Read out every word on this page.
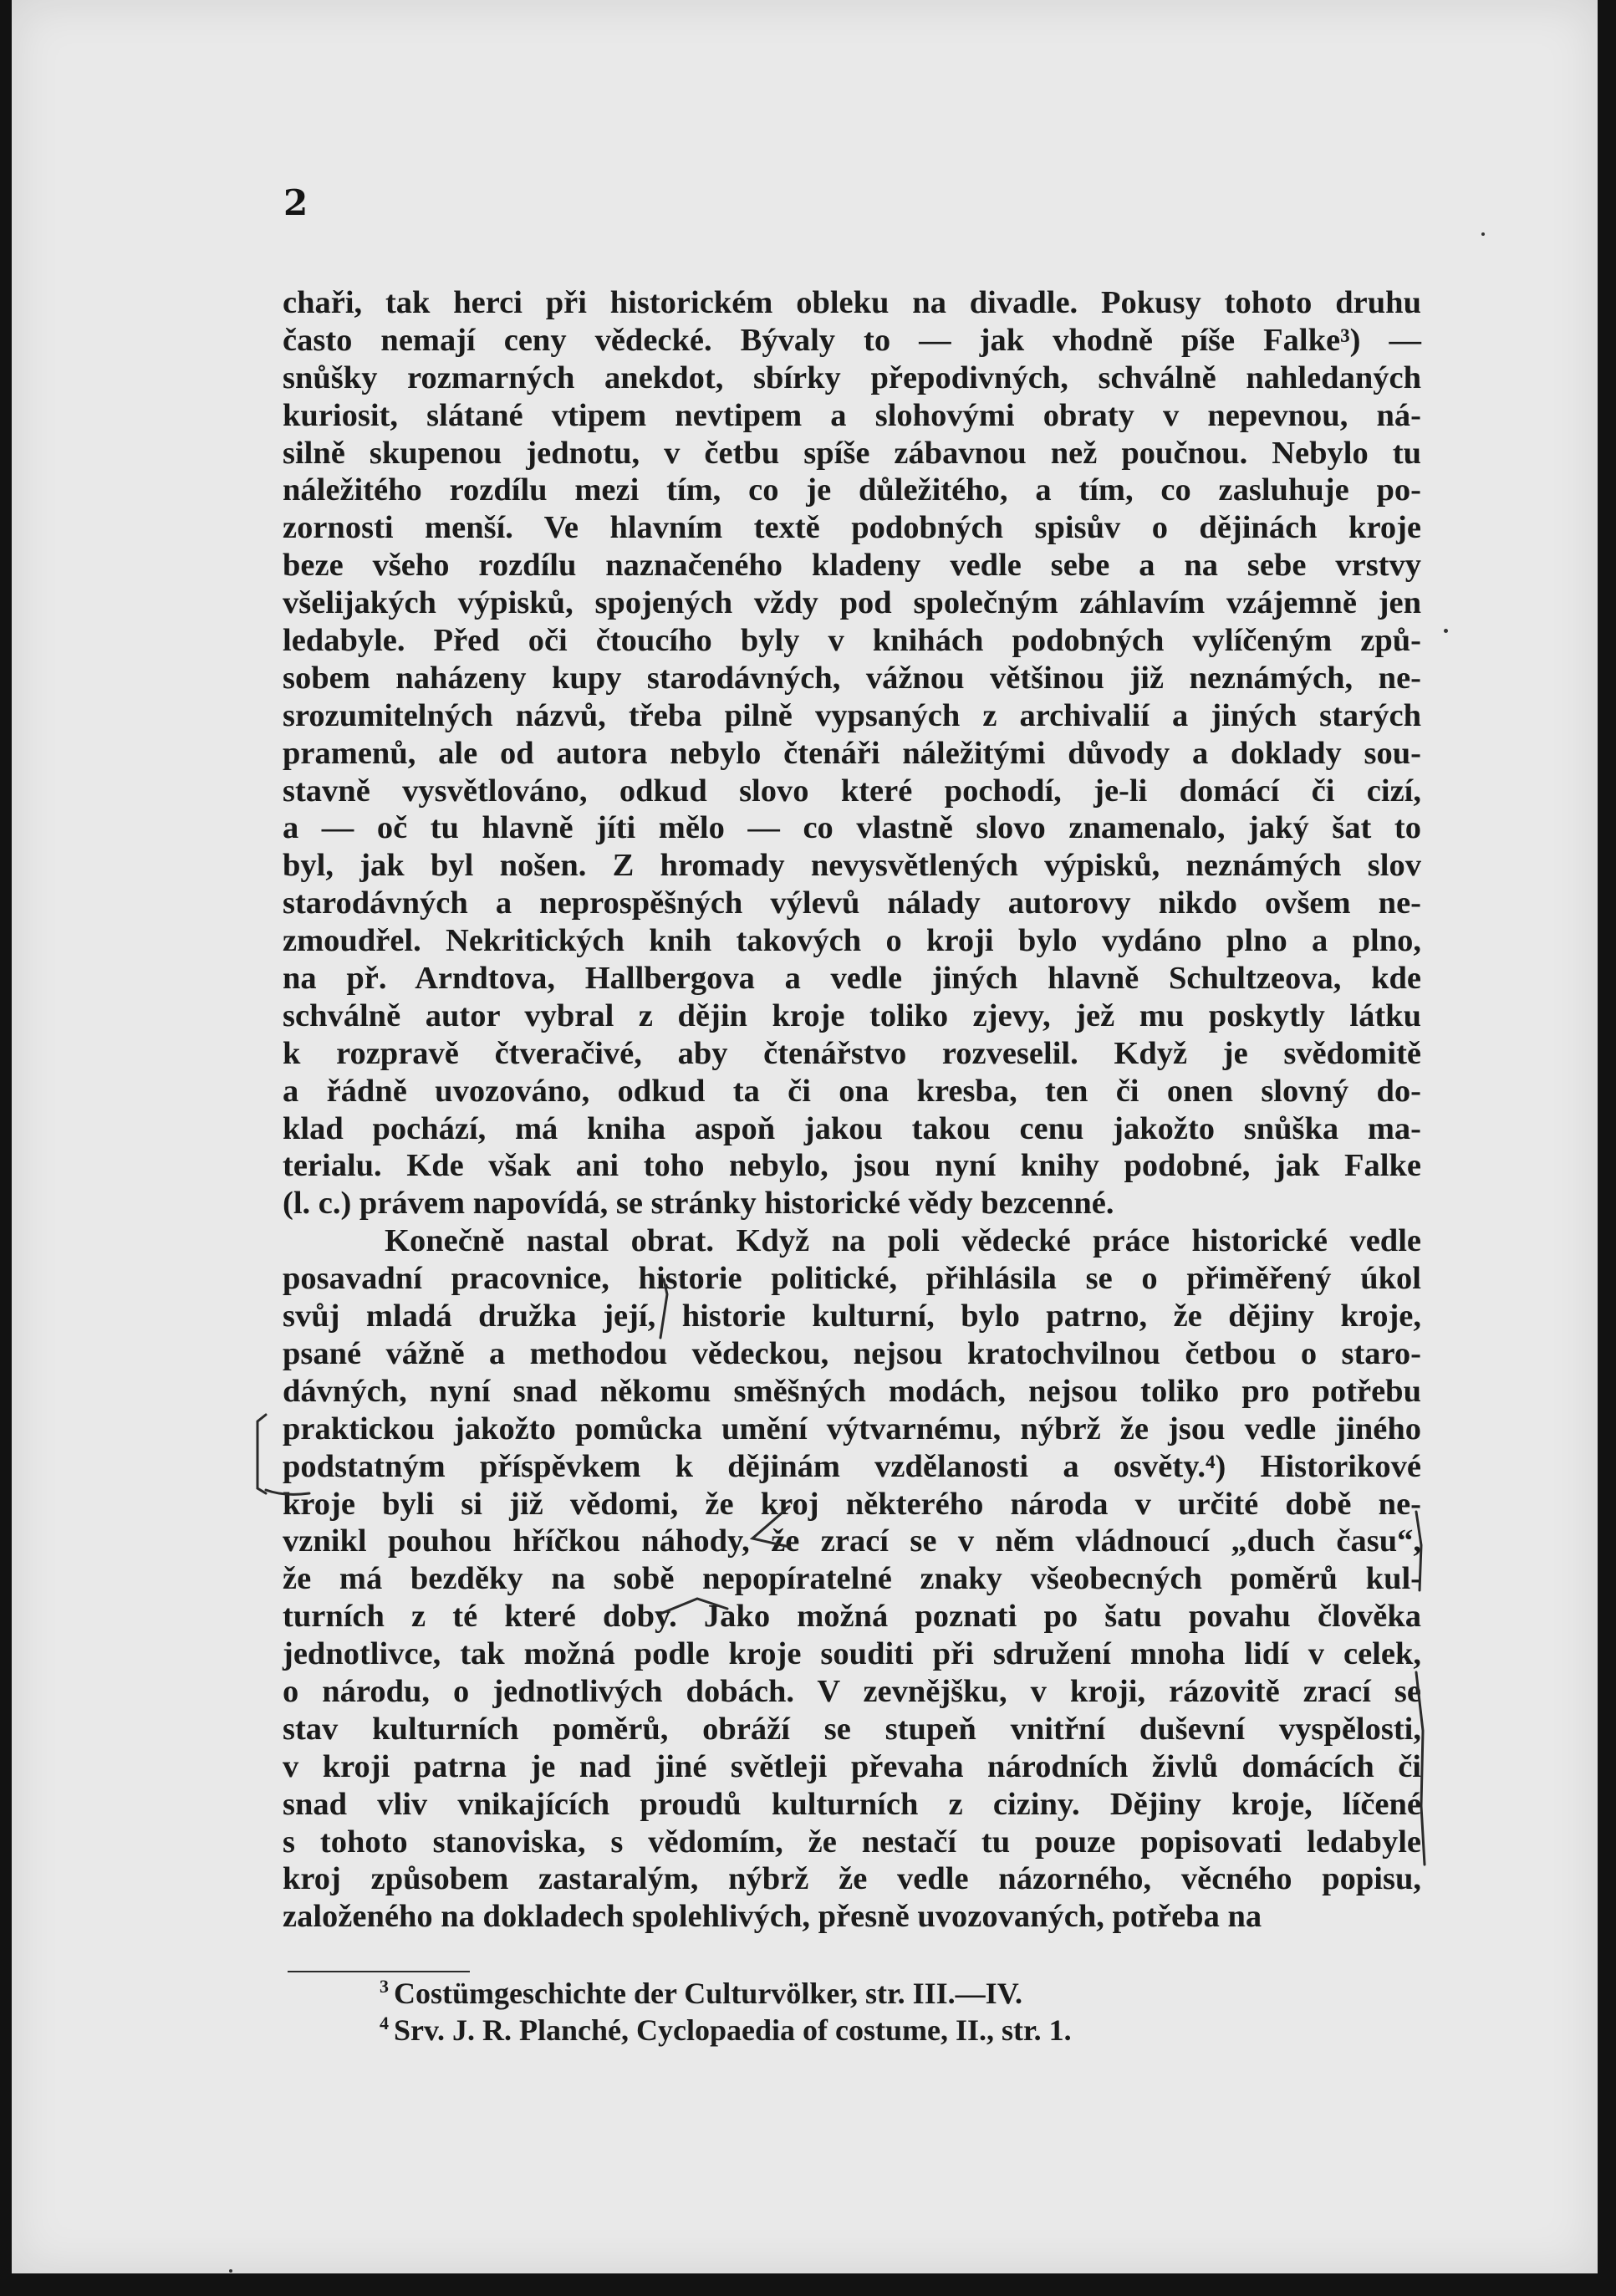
2
chaři, tak herci při historickém obleku na divadle. Pokusy tohoto druhu
často nemají ceny vědecké. Bývaly to — jak vhodně píše Falke³) —
snůšky rozmarných anekdot, sbírky přepodivných, schválně nahledaných
kuriosit, slátané vtipem nevtipem a slohovými obraty v nepevnou, ná-
silně skupenou jednotu, v četbu spíše zábavnou než poučnou. Nebylo tu
náležitého rozdílu mezi tím, co je důležitého, a tím, co zasluhuje po-
zornosti menší. Ve hlavním textě podobných spisův o dějinách kroje
beze všeho rozdílu naznačeného kladeny vedle sebe a na sebe vrstvy
všelijakých výpisků, spojených vždy pod společným záhlavím vzájemně jen
ledabyle. Před oči čtoucího byly v knihách podobných vylíčeným způ-
sobem naházeny kupy starodávných, vážnou většinou již neznámých, ne-
srozumitelných názvů, třeba pilně vypsaných z archivalií a jiných starých
pramenů, ale od autora nebylo čtenáři náležitými důvody a doklady sou-
stavně vysvětlováno, odkud slovo které pochodí, je-li domácí či cizí,
a — oč tu hlavně jíti mělo — co vlastně slovo znamenalo, jaký šat to
byl, jak byl nošen. Z hromady nevysvětlených výpisků, neznámých slov
starodávných a neprospěšných výlevů nálady autorovy nikdo ovšem ne-
zmoudřel. Nekritických knih takových o kroji bylo vydáno plno a plno,
na př. Arndtova, Hallbergova a vedle jiných hlavně Schultzeova, kde
schválně autor vybral z dějin kroje toliko zjevy, jež mu poskytly látku
k rozpravě čtveračivé, aby čtenářstvo rozveselil. Když je svědomitě
a řádně uvozováno, odkud ta či ona kresba, ten či onen slovný do-
klad pochází, má kniha aspoň jakou takou cenu jakožto snůška ma-
terialu. Kde však ani toho nebylo, jsou nyní knihy podobné, jak Falke
(l. c.) právem napovídá, se stránky historické vědy bezcenné.
Konečně nastal obrat. Když na poli vědecké práce historické vedle
posavadní pracovnice, historie politické, přihlásila se o přiměřený úkol
svůj mladá družka její, historie kulturní, bylo patrno, že dějiny kroje,
psané vážně a methodou vědeckou, nejsou kratochvilnou četbou o staro-
dávných, nyní snad někomu směšných modách, nejsou toliko pro potřebu
praktickou jakožto pomůcka umění výtvarnému, nýbrž že jsou vedle jiného
podstatným příspěvkem k dějinám vzdělanosti a osvěty.⁴) Historikové
kroje byli si již vědomi, že kroj některého národa v určité době ne-
vznikl pouhou hříčkou náhody, že zrací se v něm vládnoucí „duch času“,
že má bezděky na sobě nepopíratelné znaky všeobecných poměrů kul-
turních z té které doby. Jako možná poznati po šatu povahu člověka
jednotlivce, tak možná podle kroje souditi při sdružení mnoha lidí v celek,
o národu, o jednotlivých dobách. V zevnějšku, v kroji, rázovitě zrací se
stav kulturních poměrů, obráží se stupeň vnitřní duševní vyspělosti,
v kroji patrna je nad jiné světleji převaha národních živlů domácích či
snad vliv vnikajících proudů kulturních z ciziny. Dějiny kroje, líčené
s tohoto stanoviska, s vědomím, že nestačí tu pouze popisovati ledabyle
kroj způsobem zastaralým, nýbrž že vedle názorného, věcného popisu,
založeného na dokladech spolehlivých, přesně uvozovaných, potřeba na
$^3$ Costümgeschichte der Culturvölker, str. III.—IV.
$^4$ Srv. J. R. Planché, Cyclopaedia of costume, II., str. 1.
